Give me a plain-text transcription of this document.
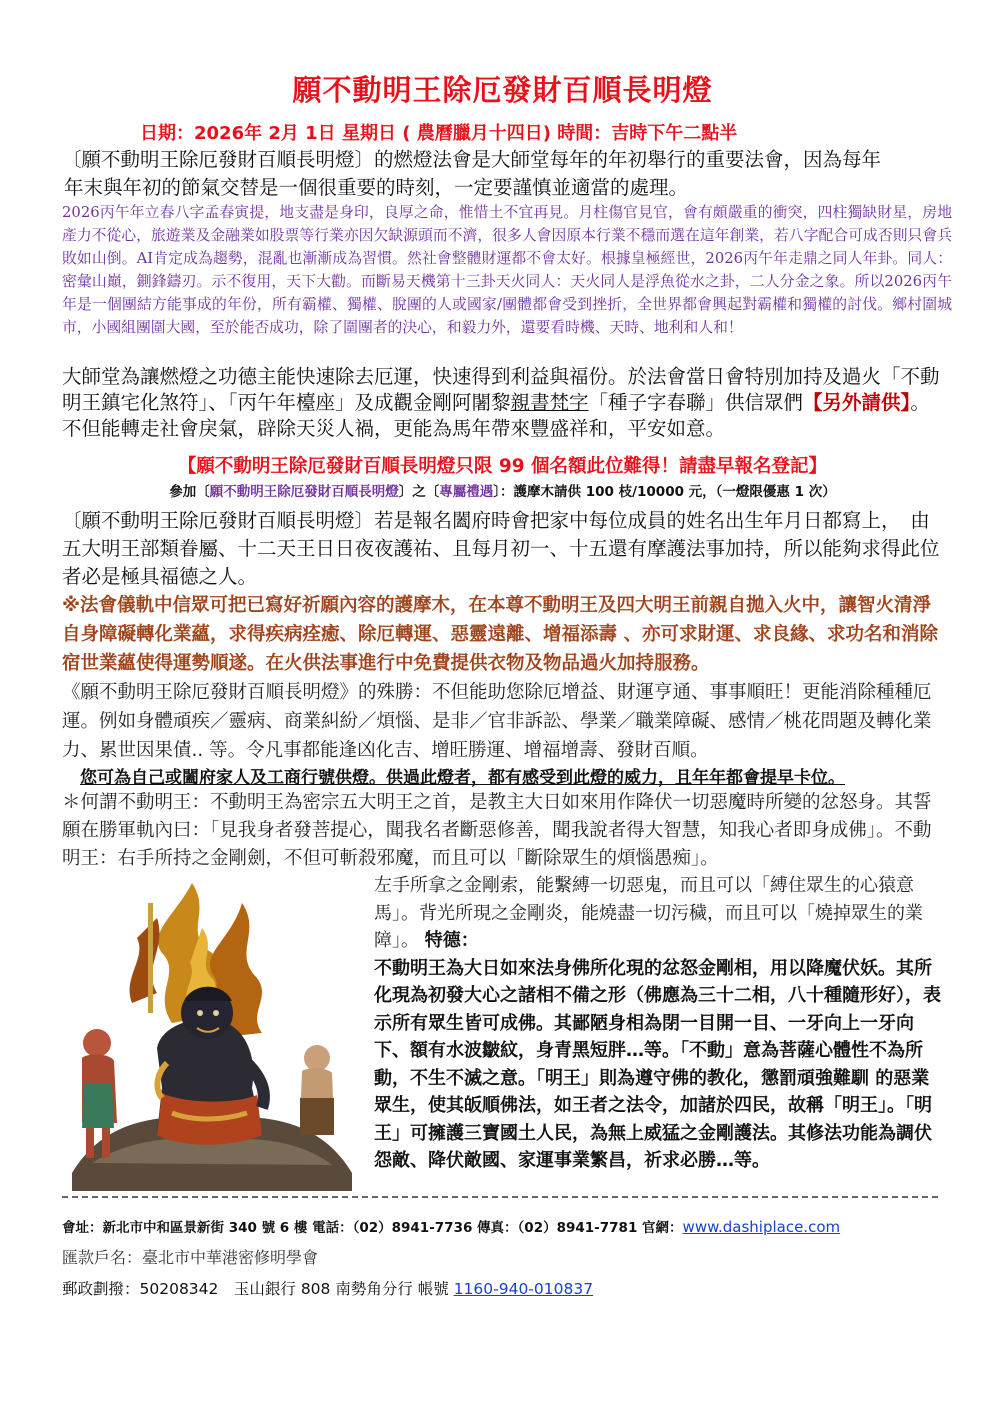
願不動明王除厄發財百順長明燈
日期：2026年 2月 1日 星期日 ( 農曆臘月十四日) 時間：吉時下午二點半
〔願不動明王除厄發財百順長明燈〕的燃燈法會是大師堂每年的年初舉行的重要法會，因為每年
年末與年初的節氣交替是一個很重要的時刻，一定要謹慎並適當的處理。
2026丙午年立春八字孟春寅提，地支盡是身印，良厚之命，惟惜土不宜再見。月柱傷官見官，會有頗嚴重的衝突，四柱獨缺財星，房地產力不從心，旅遊業及金融業如股票等行業亦因欠缺源頭而不濟，很多人會因原本行業不穩而選在這年創業，若八字配合可成否則只會兵敗如山倒。AI肯定成為趨勢，混亂也漸漸成為習慣。然社會整體財運都不會太好。根據皇極經世，2026丙午年走鼎之同人年卦。同人：密彙山巔，鍘鋒鑄刃。示不復用，天下大勸。而斷易天機第十三卦天火同人：天火同人是浮魚從水之卦，二人分金之象。所以2026丙午年是一個團結方能事成的年份，所有霸權、獨權、脫團的人或國家/團體都會受到挫折，全世界都會興起對霸權和獨權的討伐。鄉村圍城市，小國組團圍大國，至於能否成功，除了圍團者的決心，和毅力外，還要看時機、天時、地利和人和！
大師堂為讓燃燈之功德主能快速除去厄運，快速得到利益與福份。於法會當日會特別加持及過火「不動明王鎮宅化煞符」、「丙午年檯座」及成觀金剛阿闍黎親書梵字「種子字春聯」供信眾們【另外請供】。不但能轉走社會戾氣，辟除天災人禍，更能為馬年帶來豐盛祥和，平安如意。
【願不動明王除厄發財百順長明燈只限 99 個名額此位難得！請盡早報名登記】
參加〔願不動明王除厄發財百順長明燈〕之〔專屬禮遇〕：護摩木請供 100 枝/10000 元，（一燈限優惠 1 次）
〔願不動明王除厄發財百順長明燈〕若是報名闔府時會把家中每位成員的姓名出生年月日都寫上，　由五大明王部類眷屬、十二天王日日夜夜護祐、且每月初一、十五還有摩護法事加持，所以能夠求得此位者必是極具福德之人。
※法會儀軌中信眾可把已寫好祈願內容的護摩木，在本尊不動明王及四大明王前親自拋入火中，讓智火清淨自身障礙轉化業蘊，求得疾病痊癒、除厄轉運、惡靈遠離、增福添壽 、亦可求財運、求良緣、求功名和消除宿世業蘊使得運勢順遂。在火供法事進行中免費提供衣物及物品過火加持服務。
《願不動明王除厄發財百順長明燈》的殊勝：不但能助您除厄增益、財運亨通、事事順旺！更能消除種種厄運。例如身體頑疾／靈病、商業糾紛／煩惱、是非／官非訴訟、學業／職業障礙、感情／桃花問題及轉化業力、累世因果債.. 等。令凡事都能逢凶化吉、增旺勝運、增福增壽、發財百順。
您可為自己或闔府家人及工商行號供燈。供過此燈者，都有感受到此燈的威力，且年年都會提早卡位。
＊何謂不動明王：不動明王為密宗五大明王之首，是教主大日如來用作降伏一切惡魔時所變的忿怒身。其誓願在勝軍軌內曰：「見我身者發菩提心，聞我名者斷惡修善，聞我說者得大智慧，知我心者即身成佛」。不動明王：右手所持之金剛劍，不但可斬殺邪魔，而且可以「斷除眾生的煩惱愚痴」。
左手所拿之金剛索，能繫縛一切惡鬼，而且可以「縛住眾生的心猿意馬」。背光所現之金剛炎，能燒盡一切污穢，而且可以「燒掉眾生的業障」。 特德：
不動明王為大日如來法身佛所化現的忿怒金剛相，用以降魔伏妖。其所化現為初發大心之諸相不備之形（佛應為三十二相，八十種隨形好），表示所有眾生皆可成佛。其鄙陋身相為閉一目開一目、一牙向上一牙向下、額有水波皺紋，身青黑短胖…等。「不動」意為菩薩心體性不為所動，不生不滅之意。「明王」則為遵守佛的教化，懲罰頑強難馴 的惡業眾生，使其皈順佛法，如王者之法令，加諸於四民，故稱「明王」。「明王」可擁護三寶國土人民，為無上威猛之金剛護法。其修法功能為調伏怨敵、降伏敵國、家運事業繁昌，祈求必勝…等。
會址：新北市中和區景新街 340 號 6 樓 電話：（02）8941-7736 傳真：（02）8941-7781 官網：www.dashiplace.com
匯款戶名：臺北市中華港密修明學會
郵政劃撥：50208342　玉山銀行 808 南勢角分行 帳號 1160-940-010837
